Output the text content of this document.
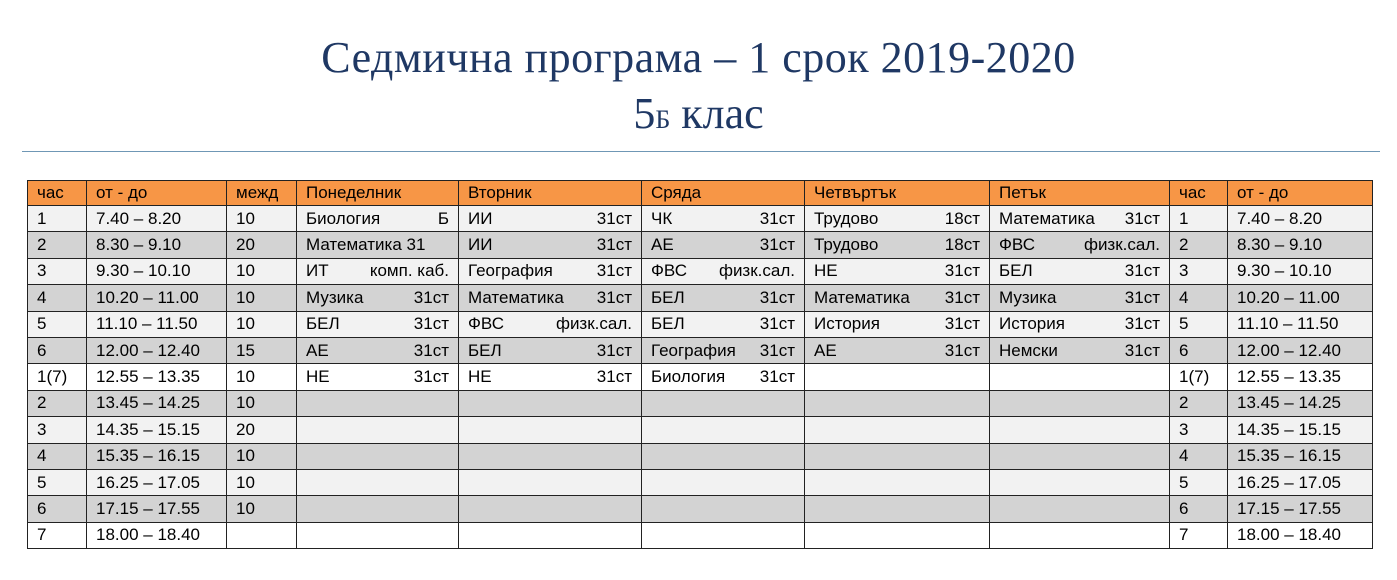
Седмична програма – 1 срок 2019-2020
5Б клас
час	от - до	межд	Понеделник	Вторник	Сряда	Четвъртък	Петък	час	от - до
1	7.40 – 8.20	10	Биология Б	ИИ 31ст	ЧК 31ст	Трудово 18ст	Математика 31ст	1	7.40 – 8.20
2	8.30 – 9.10	20	Математика 31	ИИ 31ст	АЕ 31ст	Трудово 18ст	ФВС физк.сал.	2	8.30 – 9.10
3	9.30 – 10.10	10	ИТ комп. каб.	География 31ст	ФВС физк.сал.	НЕ 31ст	БЕЛ 31ст	3	9.30 – 10.10
4	10.20 – 11.00	10	Музика 31ст	Математика 31ст	БЕЛ 31ст	Математика 31ст	Музика 31ст	4	10.20 – 11.00
5	11.10 – 11.50	10	БЕЛ 31ст	ФВС физк.сал.	БЕЛ 31ст	История 31ст	История 31ст	5	11.10 – 11.50
6	12.00 – 12.40	15	АЕ 31ст	БЕЛ 31ст	География 31ст	АЕ 31ст	Немски 31ст	6	12.00 – 12.40
1(7)	12.55 – 13.35	10	НЕ 31ст	НЕ 31ст	Биология 31ст			1(7)	12.55 – 13.35
2	13.45 – 14.25	10						2	13.45 – 14.25
3	14.35 – 15.15	20						3	14.35 – 15.15
4	15.35 – 16.15	10						4	15.35 – 16.15
5	16.25 – 17.05	10						5	16.25 – 17.05
6	17.15 – 17.55	10						6	17.15 – 17.55
7	18.00 – 18.40							7	18.00 – 18.40
